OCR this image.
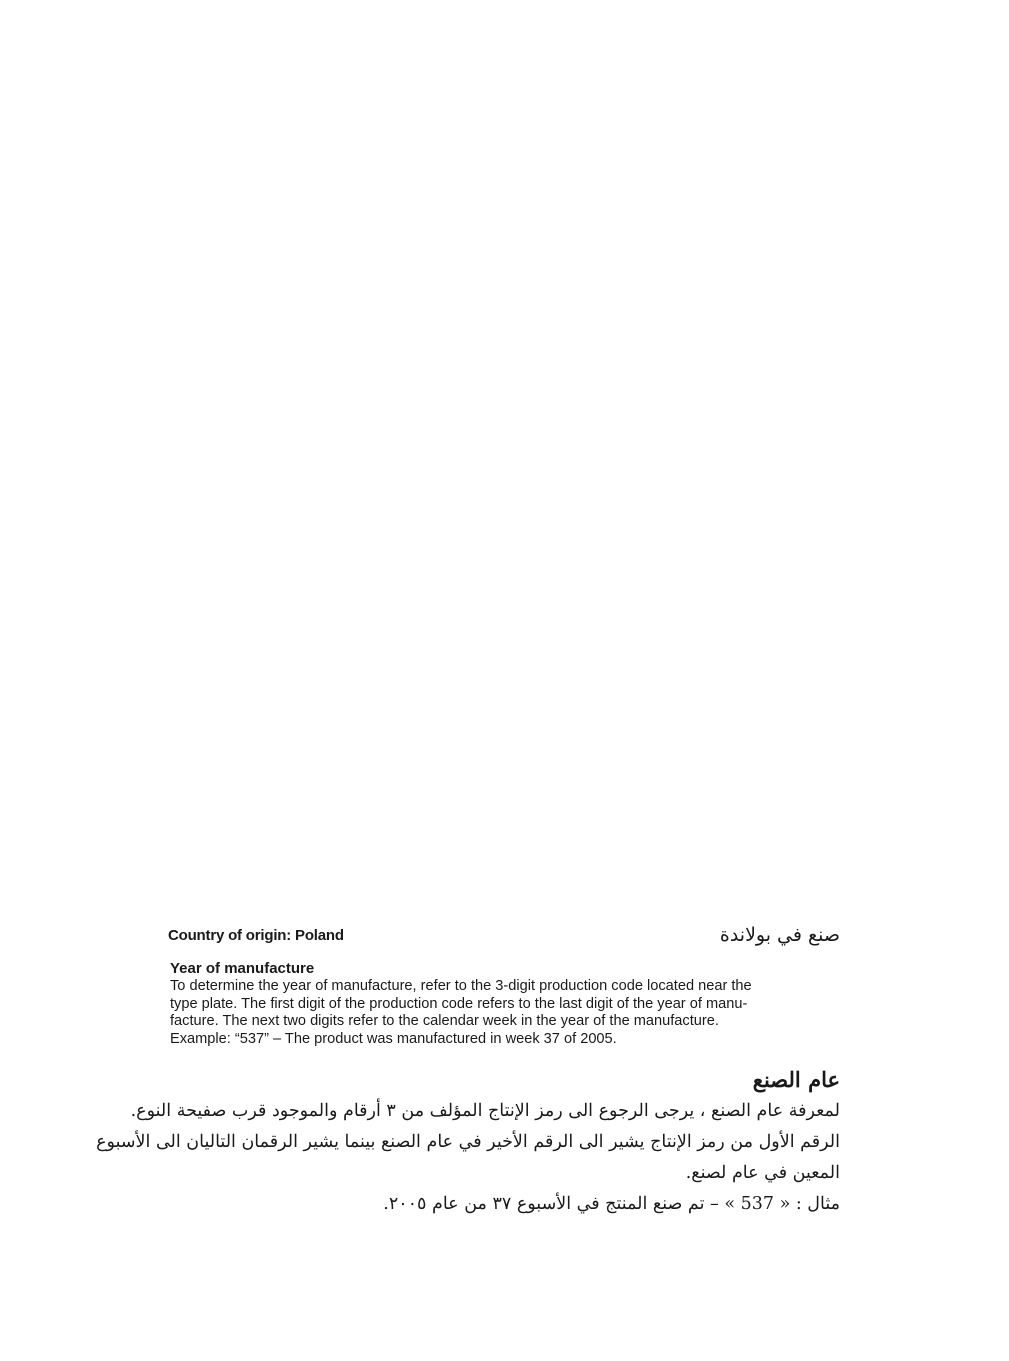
Country of origin: Poland	صنع في بولاندة

Year of manufacture

To determine the year of manufacture, refer to the 3-digit production code located near the

type plate. The first digit of the production code refers to the last digit of the year of manu-

facture. The next two digits refer to the calendar week in the year of the manufacture.

Example: “537” – The product was manufactured in week 37 of 2005.

عام الصنع

لمعرفة عام الصنع ، يرجى الرجوع الى رمز الإنتاج المؤلف من ٣ أرقام والموجود قرب صفيحة النوع.

الرقم الأول من رمز الإنتاج يشير الى الرقم الأخير في عام الصنع بينما يشير الرقمان التاليان الى الأسبوع

المعين في عام لصنع.

مثال : « 537 » – تم صنع المنتج في الأسبوع ٣٧ من عام ٢٠٠٥.
